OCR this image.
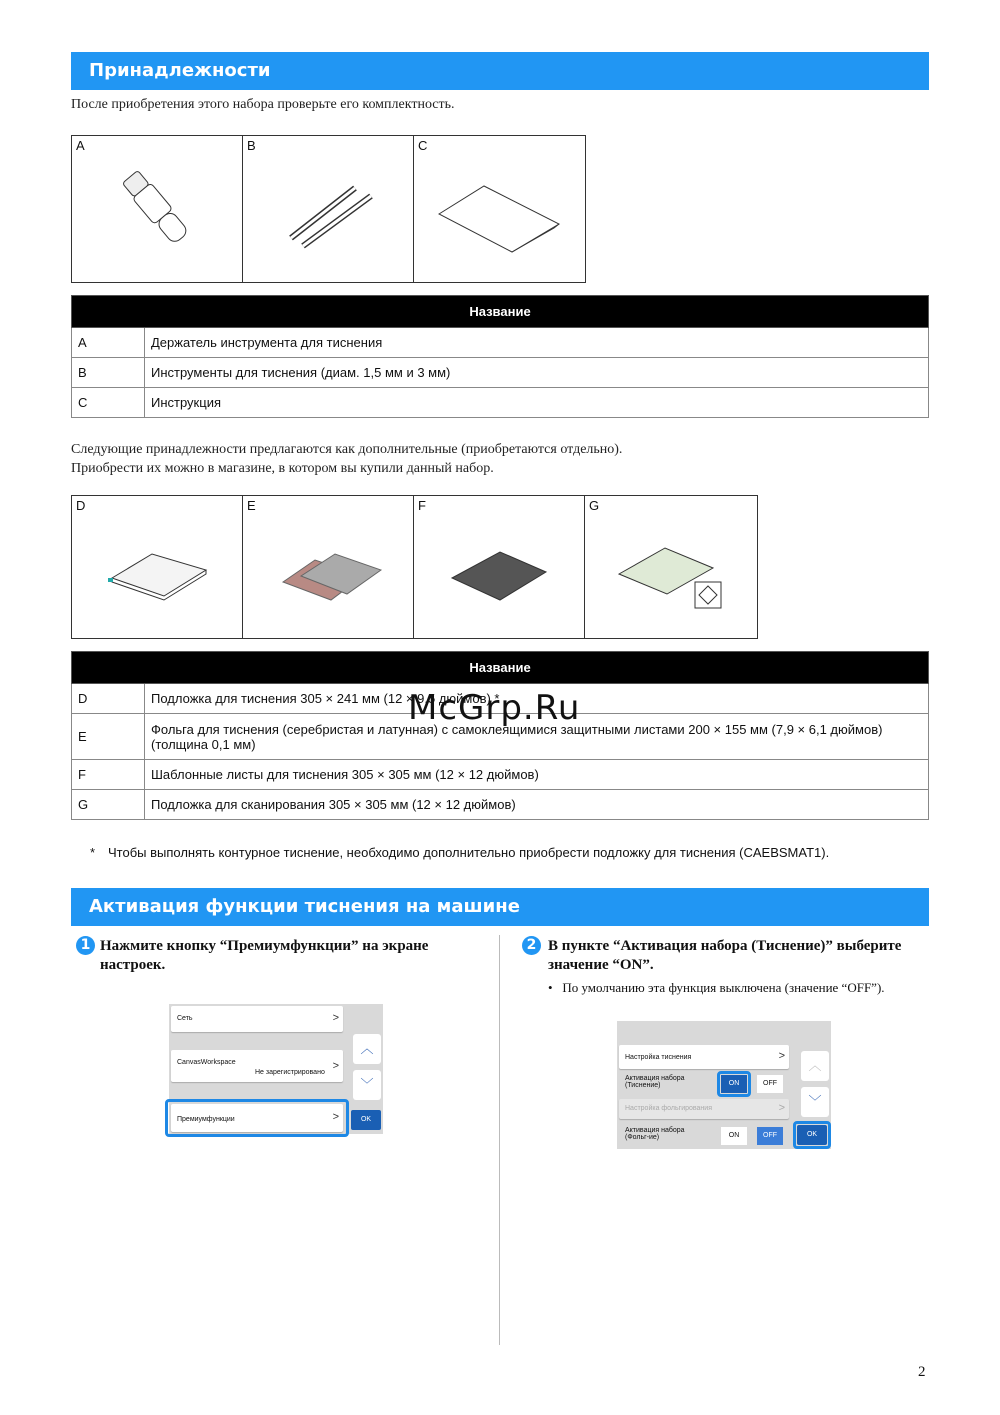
Принадлежности
После приобретения этого набора проверьте его комплектность.
A	B	C
Название	
A	Держатель инструмента для тиснения
B	Инструменты для тиснения (диам. 1,5 мм и 3 мм)
C	Инструкция
Следующие принадлежности предлагаются как дополнительные (приобретаются отдельно).
Приобрести их можно в магазине, в котором вы купили данный набор.
D	E	F	G
Название	
D	Подложка для тиснения 305 × 241 мм (12 × 9,5 дюймов) *
E	Фольга для тиснения (серебристая и латунная) с самоклеящимися защитными листами 200 × 155 мм (7,9 × 6,1 дюймов) (толщина 0,1 мм)
F	Шаблонные листы для тиснения 305 × 305 мм (12 × 12 дюймов)
G	Подложка для сканирования 305 × 305 мм (12 × 12 дюймов)
* Чтобы выполнять контурное тиснение, необходимо дополнительно приобрести подложку для тиснения (CAEBSMAT1).
McGrp.Ru
Активация функции тиснения на машине
1 Нажмите кнопку “Премиумфункции” на экране настроек.
2 В пункте “Активация набора (Тиснение)” выберите значение “ON”.
•   По умолчанию эта функция выключена (значение “OFF”).
Сеть	>
CanvasWorkspace
Не зарегистрировано
>
Премиумфункции	>
︿
﹀
OK
Настройка тиснения	>
Активация набора (Тиснение)	ON	OFF
Настройка фольгирования	>
Активация набора (Фольг-ие)	ON	OFF
︿
﹀
OK
2
